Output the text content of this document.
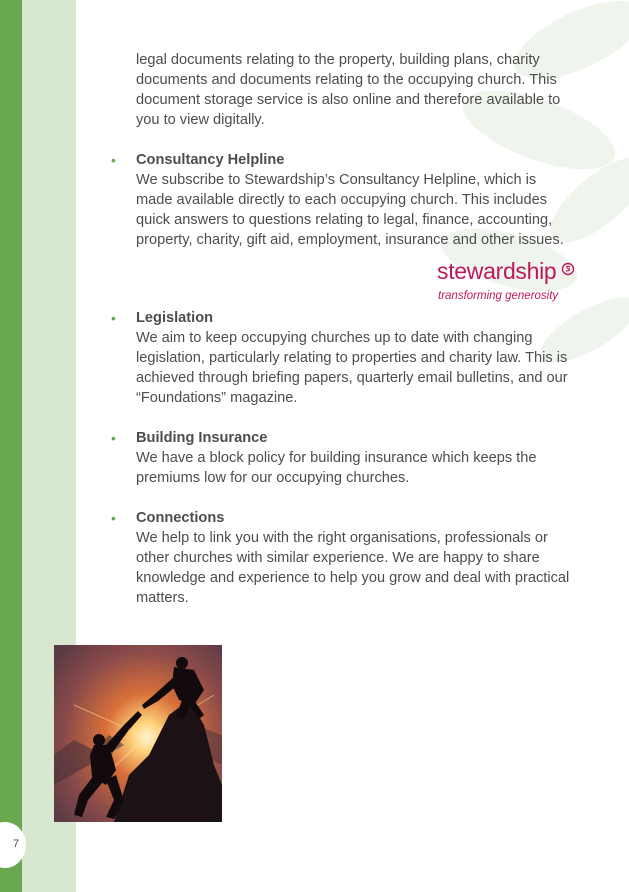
legal documents relating to the property, building plans, charity documents and documents relating to the occupying church. This document storage service is also online and therefore available to you to view digitally.

• Consultancy Helpline

We subscribe to Stewardship’s Consultancy Helpline, which is made available directly to each occupying church. This includes quick answers to questions relating to legal, finance, accounting, property, charity, gift aid, employment, insurance and other issues.

• Legislation

We aim to keep occupying churches up to date with changing legislation, particularly relating to properties and charity law. This is achieved through briefing papers, quarterly email bulletins, and our “Foundations” magazine.

• Building Insurance

We have a block policy for building insurance which keeps the premiums low for our occupying churches.

• Connections

We help to link you with the right organisations, professionals or other churches with similar experience. We are happy to share knowledge and experience to help you grow and deal with practical matters.

stewardship
transforming generosity
7
